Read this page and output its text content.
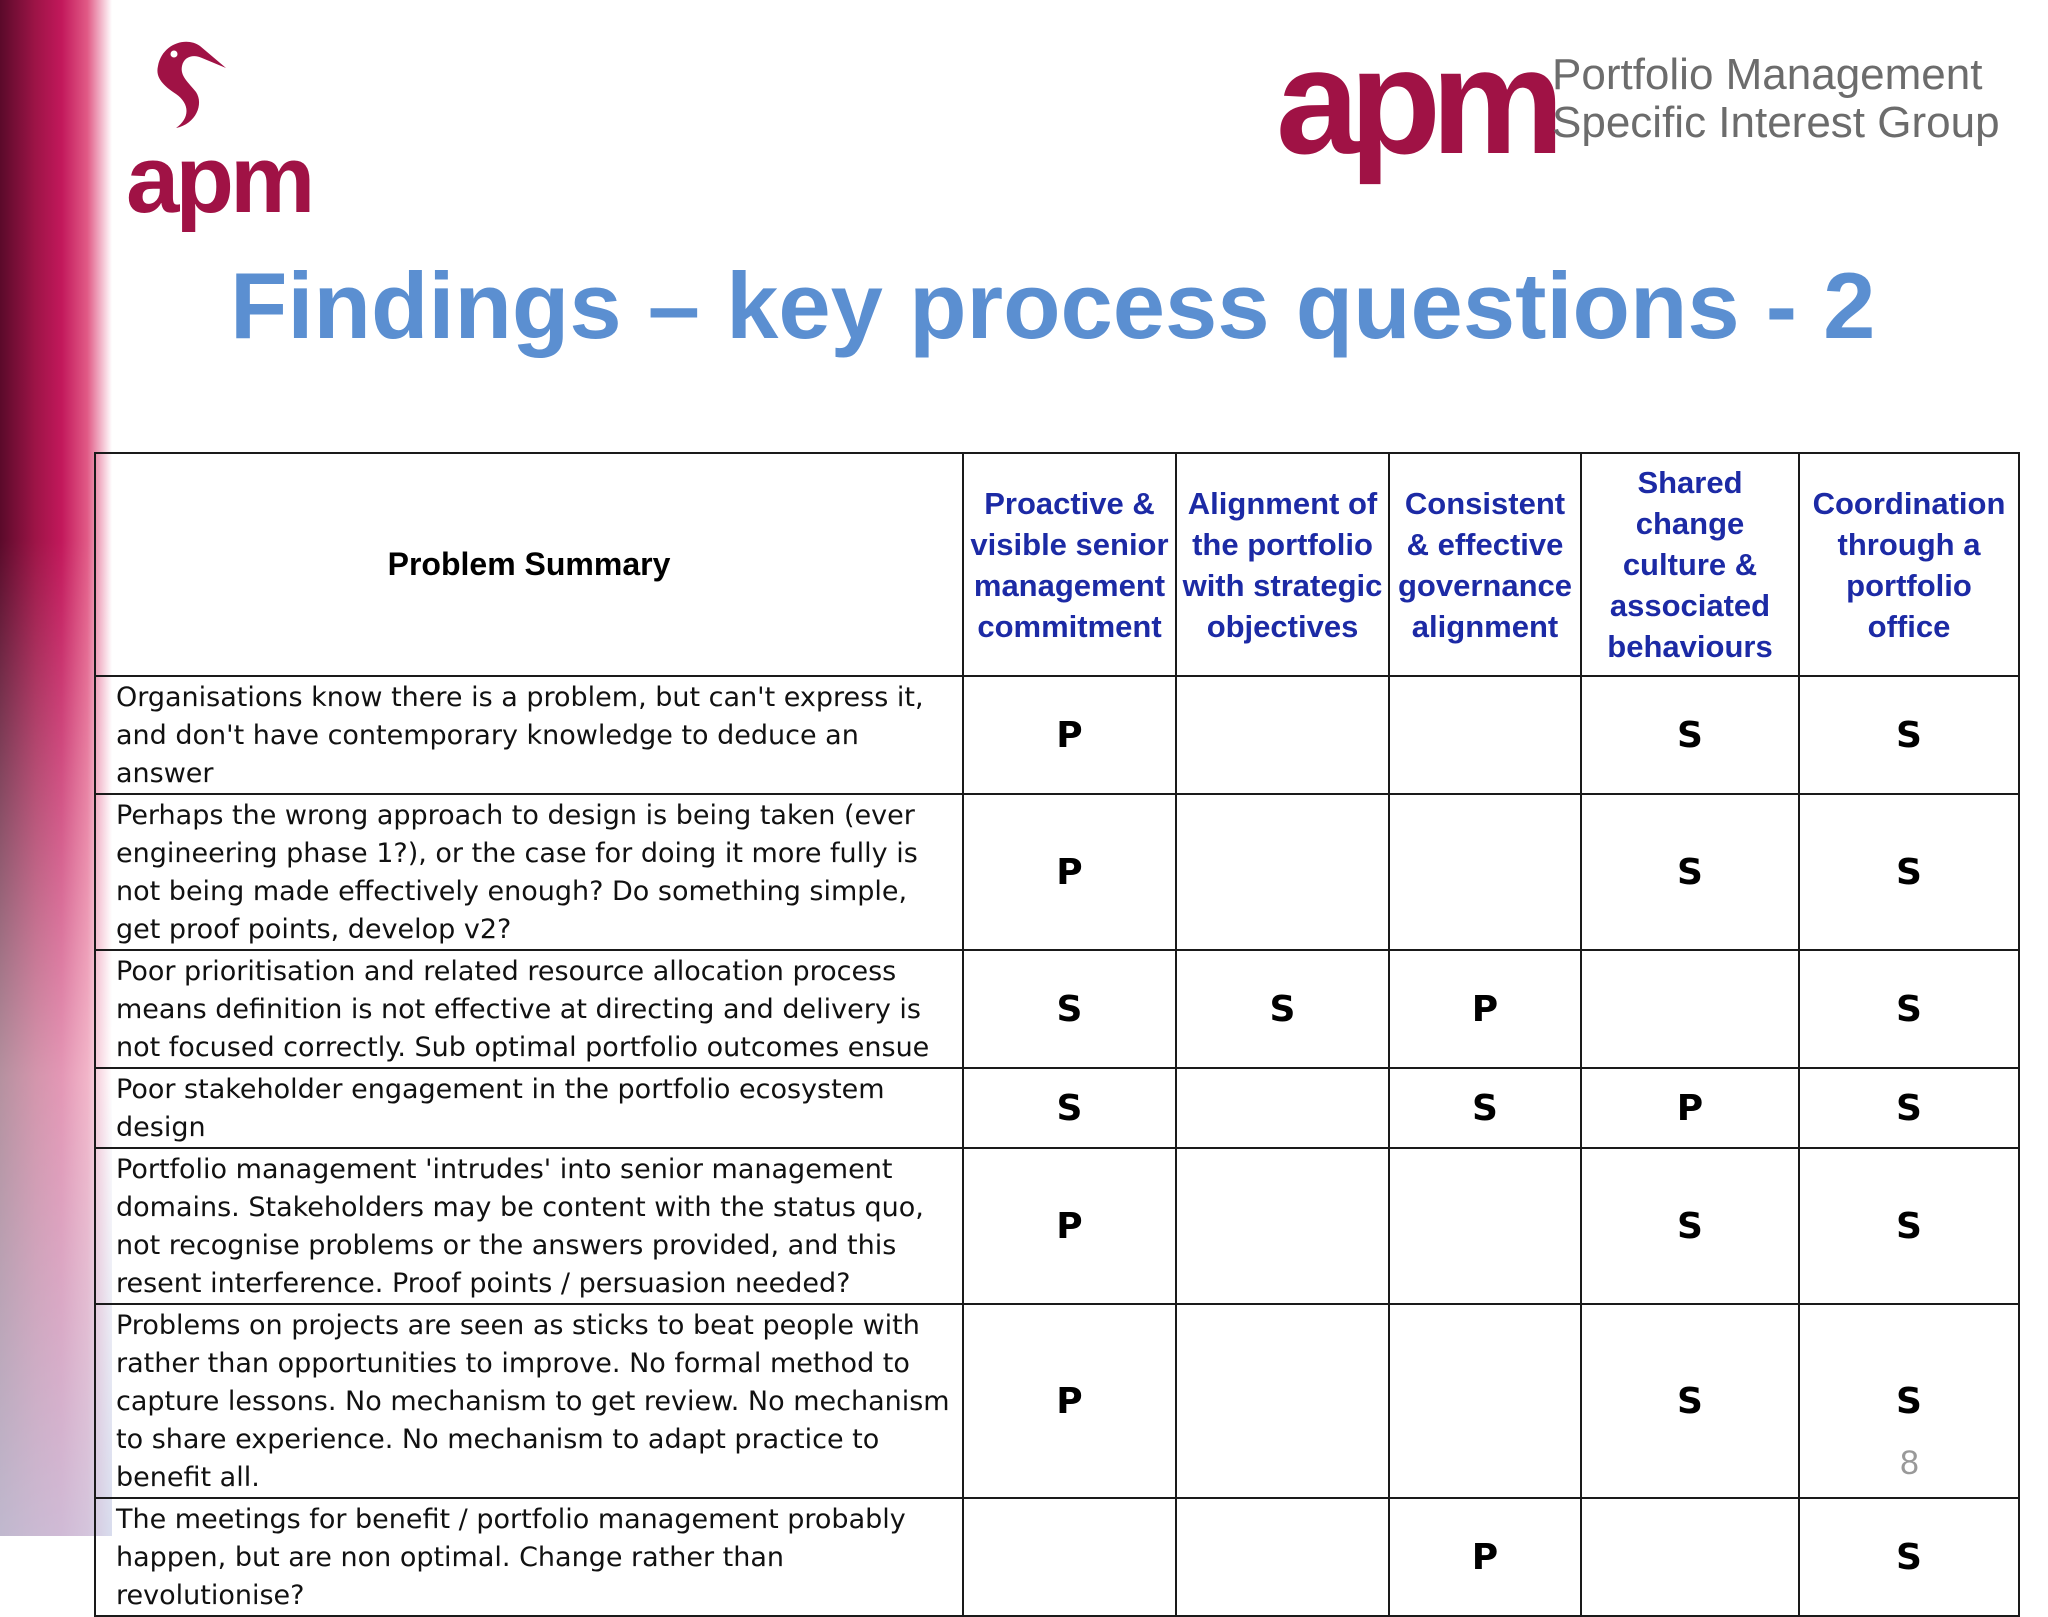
apm	apm
Portfolio Management
Specific Interest Group
Findings – key process questions - 2
Problem Summary	Proactive & visible senior management commitment	Alignment of the portfolio with strategic objectives	Consistent & effective governance alignment	Shared change culture & associated behaviours	Coordination through a portfolio office
Organisations know there is a problem, but can't express it, and don't have contemporary knowledge to deduce an answer	P			S	S
Perhaps the wrong approach to design is being taken (ever engineering phase 1?), or the case for doing it more fully is not being made effectively enough? Do something simple, get proof points, develop v2?	P			S	S
Poor prioritisation and related resource allocation process means definition is not effective at directing and delivery is not focused correctly. Sub optimal portfolio outcomes ensue	S	S	P		S
Poor stakeholder engagement in the portfolio ecosystem design	S		S	P	S
Portfolio management 'intrudes' into senior management domains. Stakeholders may be content with the status quo, not recognise problems or the answers provided, and this resent interference. Proof points / persuasion needed?	P			S	S
Problems on projects are seen as sticks to beat people with rather than opportunities to improve. No formal method to capture lessons. No mechanism to get review. No mechanism to share experience. No mechanism to adapt practice to benefit all.	P			S	S
The meetings for benefit / portfolio management probably happen, but are non optimal. Change rather than revolutionise?			P		S
8
